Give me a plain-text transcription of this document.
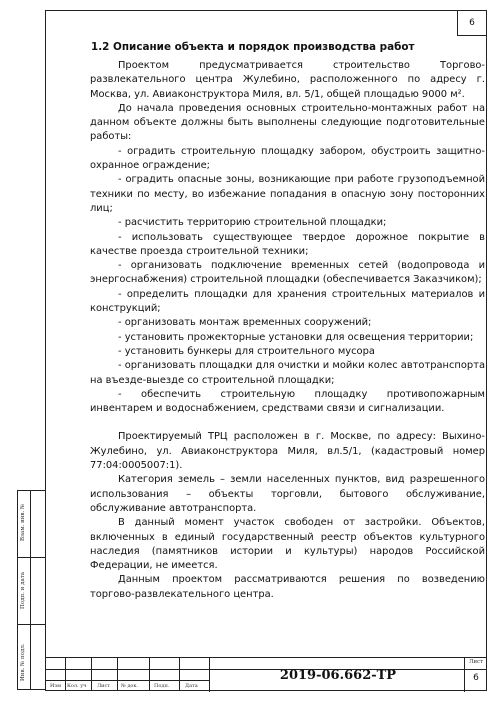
6
1.2 Описание объекта и порядок производства работ

Проектом предусматривается строительство Торгово-развлекательного центра Жулебино, расположенного по адресу г. Москва, ул. Авиаконструктора Миля, вл. 5/1, общей площадью 9000 м².

До начала проведения основных строительно-монтажных работ на данном объекте должны быть выполнены следующие подготовительные работы:

- оградить строительную площадку забором, обустроить защитно-охранное ограждение;

- оградить опасные зоны, возникающие при работе грузоподъемной техники по месту, во избежание попадания в опасную зону посторонних лиц;

- расчистить территорию строительной площадки;

- использовать существующее твердое дорожное покрытие в качестве проезда строительной техники;

- организовать подключение временных сетей (водопровода и энергоснабжения) строительной площадки (обеспечивается Заказчиком);

- определить площадки для хранения строительных материалов и конструкций;

- организовать монтаж временных сооружений;

- установить прожекторные установки для освещения территории;

- установить бункеры для строительного мусора

- организовать площадки для очистки и мойки колес автотранспорта на въезде-выезде со строительной площадки;

- обеспечить строительную площадку противопожарным инвентарем и водоснабжением, средствами связи и сигнализации.

Проектируемый ТРЦ расположен в г. Москве, по адресу: Выхино-Жулебино, ул. Авиаконструктора Миля, вл.5/1, (кадастровый номер 77:04:0005007:1).

Категория земель – земли населенных пунктов, вид разрешенного использования – объекты торговли, бытового обслуживание, обслуживание автотранспорта.

В данный момент участок свободен от застройки. Объектов, включенных в единый государственный реестр объектов культурного наследия (памятников истории и культуры) народов Российской Федерации, не имеется.

Данным проектом рассматриваются решения по возведению торгово-развлекательного центра.

Взам. инв. №
Подп. и дата
Инв. № подл.
Изм Кол. уч Лист № док.	Подп.	Дата
2019-06.662-ТР
Лист
6
